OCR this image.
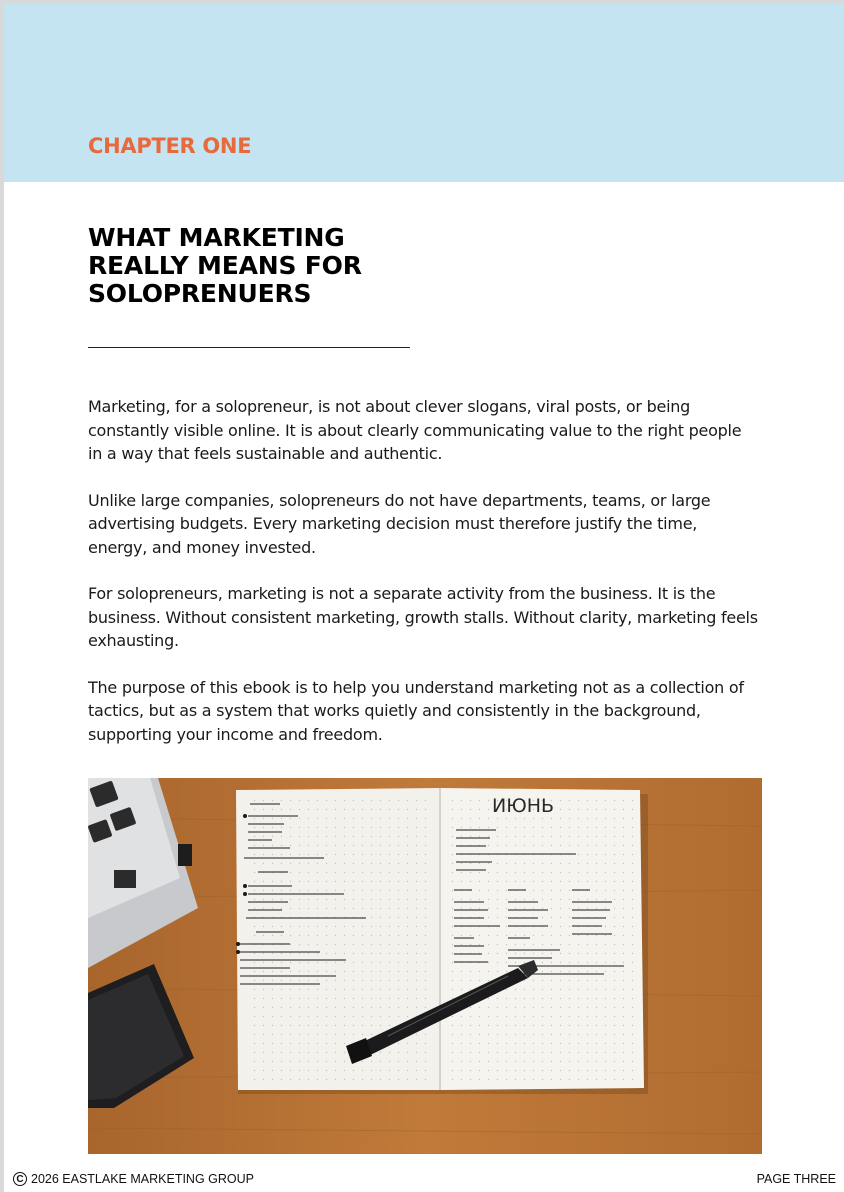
CHAPTER ONE
WHAT MARKETING
REALLY MEANS FOR
SOLOPRENUERS

Marketing, for a solopreneur, is not about clever slogans, viral posts, or being constantly visible online. It is about clearly communicating value to the right people in a way that feels sustainable and authentic.

Unlike large companies, solopreneurs do not have departments, teams, or large advertising budgets. Every marketing decision must therefore justify the time, energy, and money invested.

For solopreneurs, marketing is not a separate activity from the business. It is the business. Without consistent marketing, growth stalls. Without clarity, marketing feels exhausting.

The purpose of this ebook is to help you understand marketing not as a collection of tactics, but as a system that works quietly and consistently in the background, supporting your income and freedom.

ИЮНЬ
C 2026 EASTLAKE MARKETING GROUP	PAGE THREE
